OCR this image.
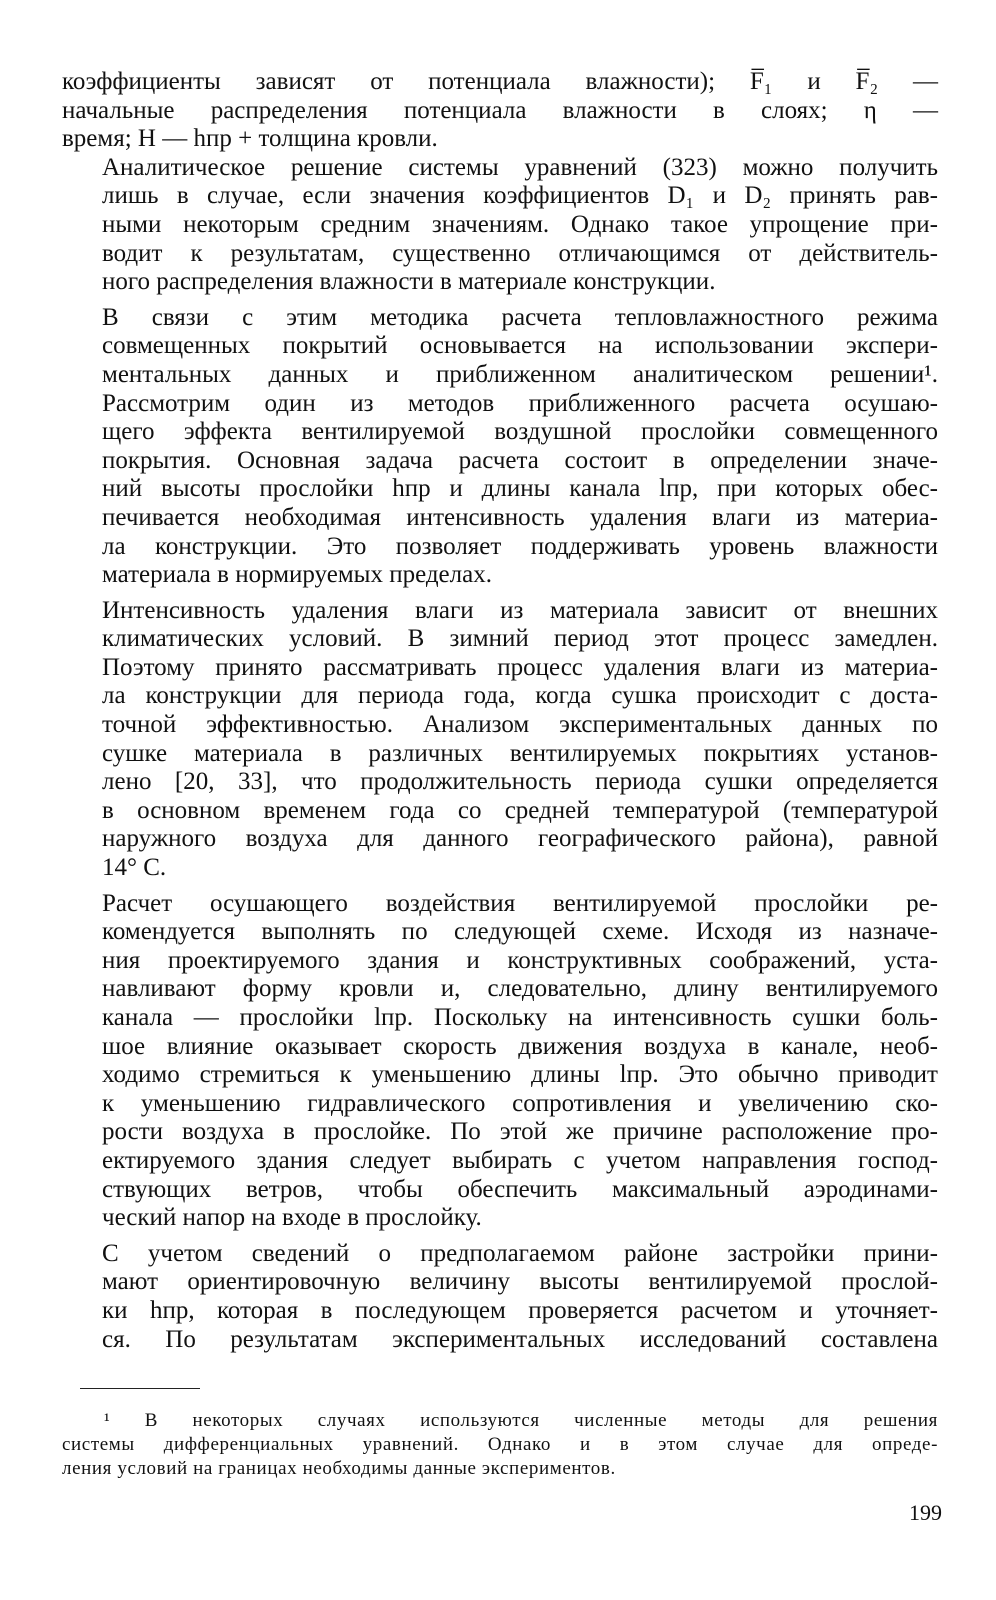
коэффициенты зависят от потенциала влажности); F̅₁ и F̅₂ —
начальные распределения потенциала влажности в слоях; η —
время; H — hпр + толщина кровли.

Аналитическое решение системы уравнений (323) можно получить
лишь в случае, если значения коэффициентов D₁ и D₂ принять рав-
ными некоторым средним значениям. Однако такое упрощение при-
водит к результатам, существенно отличающимся от действитель-
ного распределения влажности в материале конструкции.

В связи с этим методика расчета тепловлажностного режима
совмещенных покрытий основывается на использовании экспери-
ментальных данных и приближенном аналитическом решении¹.

Рассмотрим один из методов приближенного расчета осушаю-
щего эффекта вентилируемой воздушной прослойки совмещенного
покрытия. Основная задача расчета состоит в определении значе-
ний высоты прослойки hпр и длины канала lпр, при которых обес-
печивается необходимая интенсивность удаления влаги из материа-
ла конструкции. Это позволяет поддерживать уровень влажности
материала в нормируемых пределах.

Интенсивность удаления влаги из материала зависит от внешних
климатических условий. В зимний период этот процесс замедлен.
Поэтому принято рассматривать процесс удаления влаги из материа-
ла конструкции для периода года, когда сушка происходит с доста-
точной эффективностью. Анализом экспериментальных данных по
сушке материала в различных вентилируемых покрытиях установ-
лено [20, 33], что продолжительность периода сушки определяется
в основном временем года со средней температурой (температурой
наружного воздуха для данного географического района), равной
14° С.

Расчет осушающего воздействия вентилируемой прослойки ре-
комендуется выполнять по следующей схеме. Исходя из назначе-
ния проектируемого здания и конструктивных соображений, уста-
навливают форму кровли и, следовательно, длину вентилируемого
канала — прослойки lпр. Поскольку на интенсивность сушки боль-
шое влияние оказывает скорость движения воздуха в канале, необ-
ходимо стремиться к уменьшению длины lпр. Это обычно приводит
к уменьшению гидравлического сопротивления и увеличению ско-
рости воздуха в прослойке. По этой же причине расположение про-
ектируемого здания следует выбирать с учетом направления господ-
ствующих ветров, чтобы обеспечить максимальный аэродинами-
ческий напор на входе в прослойку.

С учетом сведений о предполагаемом районе застройки прини-
мают ориентировочную величину высоты вентилируемой прослой-
ки hпр, которая в последующем проверяется расчетом и уточняет-
ся. По результатам экспериментальных исследований составлена

¹ В некоторых случаях используются численные методы для решения
системы дифференциальных уравнений. Однако и в этом случае для опреде-
ления условий на границах необходимы данные экспериментов.
199
